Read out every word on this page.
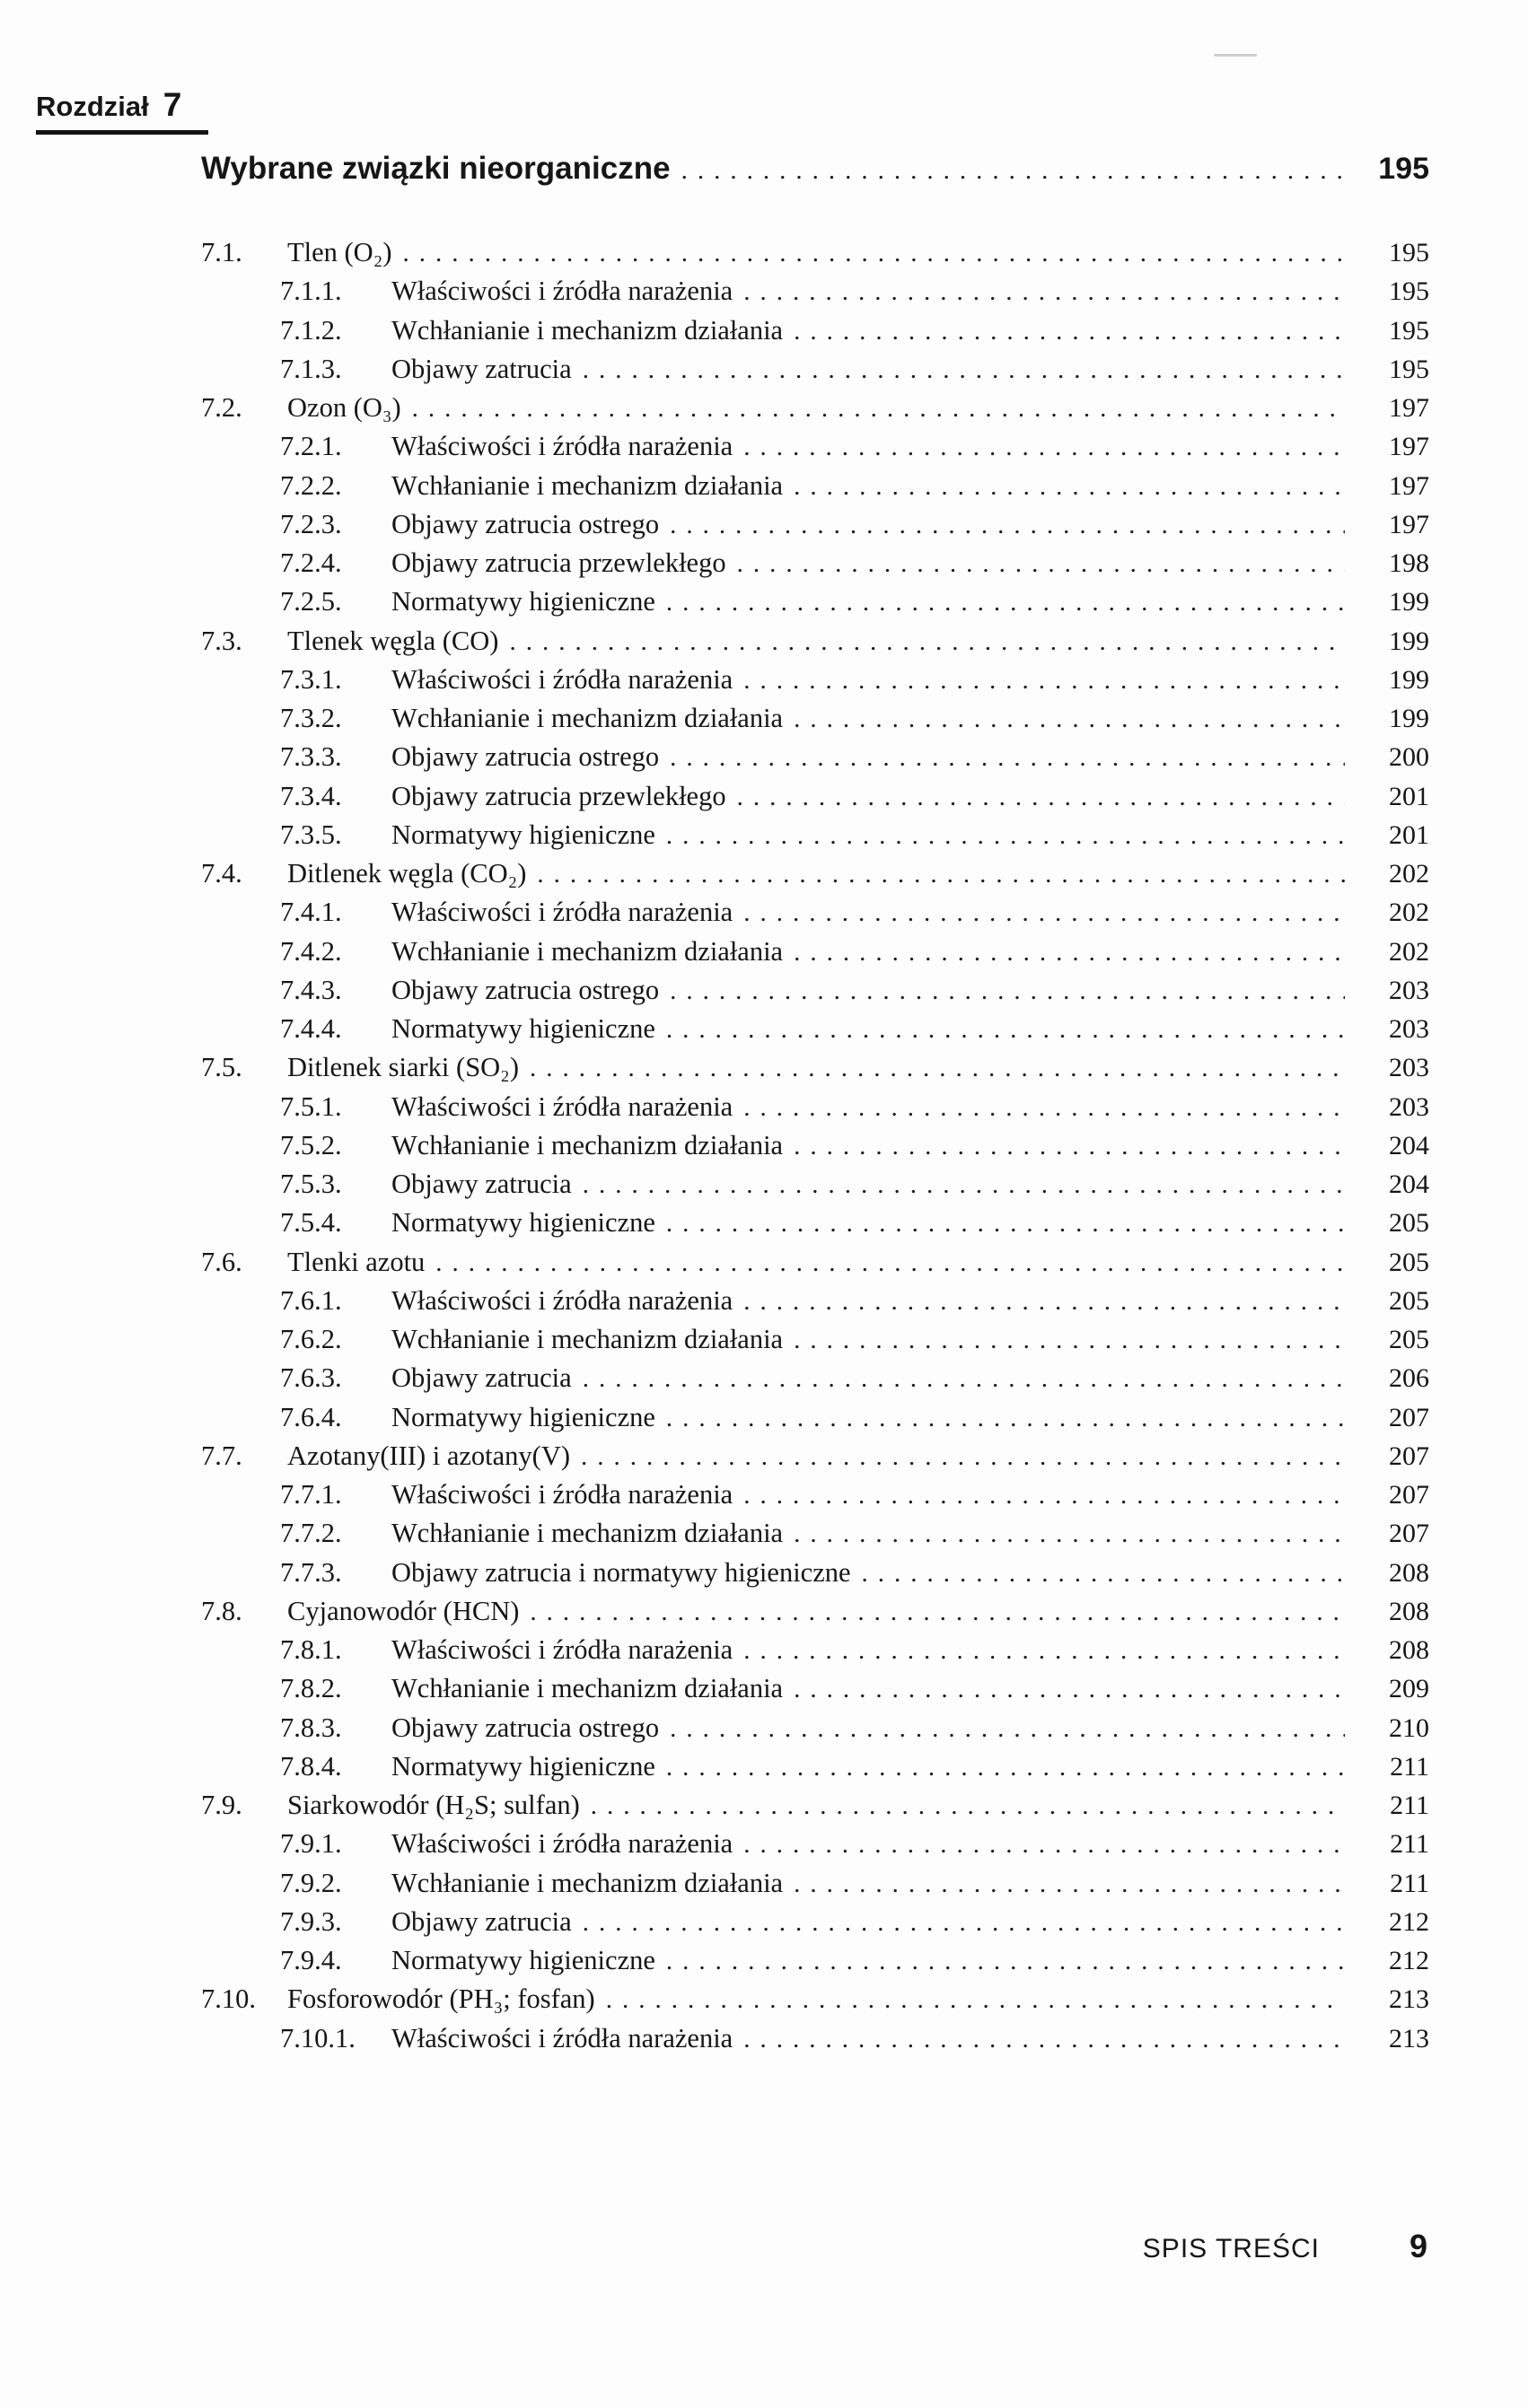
Rozdział 7
Wybrane związki nieorganiczne .....	195
7.1.	Tlen (O₂) .....	195
7.1.1.	Właściwości i źródła narażenia .....	195
7.1.2.	Wchłanianie i mechanizm działania .....	195
7.1.3.	Objawy zatrucia .....	195
7.2.	Ozon (O₃) .....	197
7.2.1.	Właściwości i źródła narażenia .....	197
7.2.2.	Wchłanianie i mechanizm działania .....	197
7.2.3.	Objawy zatrucia ostrego .....	197
7.2.4.	Objawy zatrucia przewlekłego .....	198
7.2.5.	Normatywy higieniczne .....	199
7.3.	Tlenek węgla (CO) .....	199
7.3.1.	Właściwości i źródła narażenia .....	199
7.3.2.	Wchłanianie i mechanizm działania .....	199
7.3.3.	Objawy zatrucia ostrego .....	200
7.3.4.	Objawy zatrucia przewlekłego .....	201
7.3.5.	Normatywy higieniczne .....	201
7.4.	Ditlenek węgla (CO₂) .....	202
7.4.1.	Właściwości i źródła narażenia .....	202
7.4.2.	Wchłanianie i mechanizm działania .....	202
7.4.3.	Objawy zatrucia ostrego .....	203
7.4.4.	Normatywy higieniczne .....	203
7.5.	Ditlenek siarki (SO₂) .....	203
7.5.1.	Właściwości i źródła narażenia .....	203
7.5.2.	Wchłanianie i mechanizm działania .....	204
7.5.3.	Objawy zatrucia .....	204
7.5.4.	Normatywy higieniczne .....	205
7.6.	Tlenki azotu .....	205
7.6.1.	Właściwości i źródła narażenia .....	205
7.6.2.	Wchłanianie i mechanizm działania .....	205
7.6.3.	Objawy zatrucia .....	206
7.6.4.	Normatywy higieniczne .....	207
7.7.	Azotany(III) i azotany(V) .....	207
7.7.1.	Właściwości i źródła narażenia .....	207
7.7.2.	Wchłanianie i mechanizm działania .....	207
7.7.3.	Objawy zatrucia i normatywy higieniczne .....	208
7.8.	Cyjanowodór (HCN) .....	208
7.8.1.	Właściwości i źródła narażenia .....	208
7.8.2.	Wchłanianie i mechanizm działania .....	209
7.8.3.	Objawy zatrucia ostrego .....	210
7.8.4.	Normatywy higieniczne .....	211
7.9.	Siarkowodór (H₂S; sulfan) .....	211
7.9.1.	Właściwości i źródła narażenia .....	211
7.9.2.	Wchłanianie i mechanizm działania .....	211
7.9.3.	Objawy zatrucia .....	212
7.9.4.	Normatywy higieniczne .....	212
7.10.	Fosforowodór (PH₃; fosfan) .....	213
7.10.1.	Właściwości i źródła narażenia .....	213
SPIS TREŚCI	9
